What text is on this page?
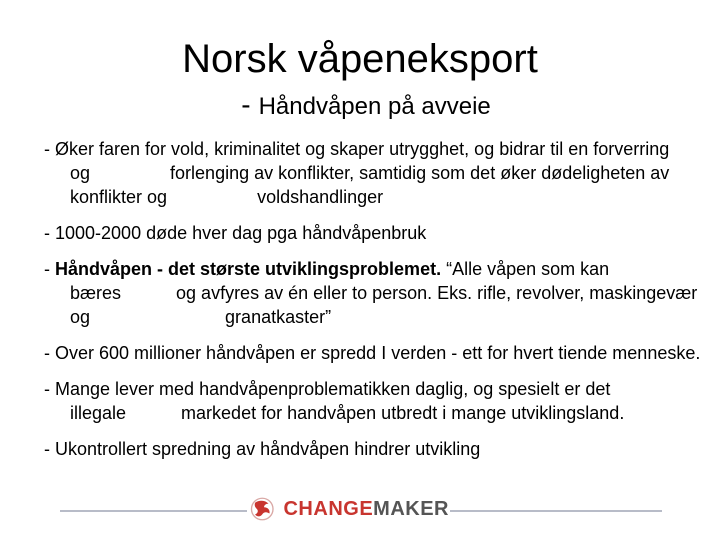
Norsk våpeneksport
- Håndvåpen på avveie

- Øker faren for vold, kriminalitet og skaper utrygghet, og bidrar til en forverring og                forlenging av konflikter, samtidig som det øker dødeligheten av konflikter og                  voldshandlinger

- 1000-2000 døde hver dag pga håndvåpenbruk

- Håndvåpen - det største utviklingsproblemet. “Alle våpen som kan bæres           og avfyres av én eller to person. Eks. rifle, revolver, maskingevær og                           granatkaster”

- Over 600 millioner håndvåpen er spredd I verden - ett for hvert tiende menneske.

- Mange lever med handvåpenproblematikken daglig, og spesielt er det illegale           markedet for handvåpen utbredt i mange utviklingsland.

- Ukontrollert spredning av håndvåpen hindrer utvikling

CHANGEMAKER
